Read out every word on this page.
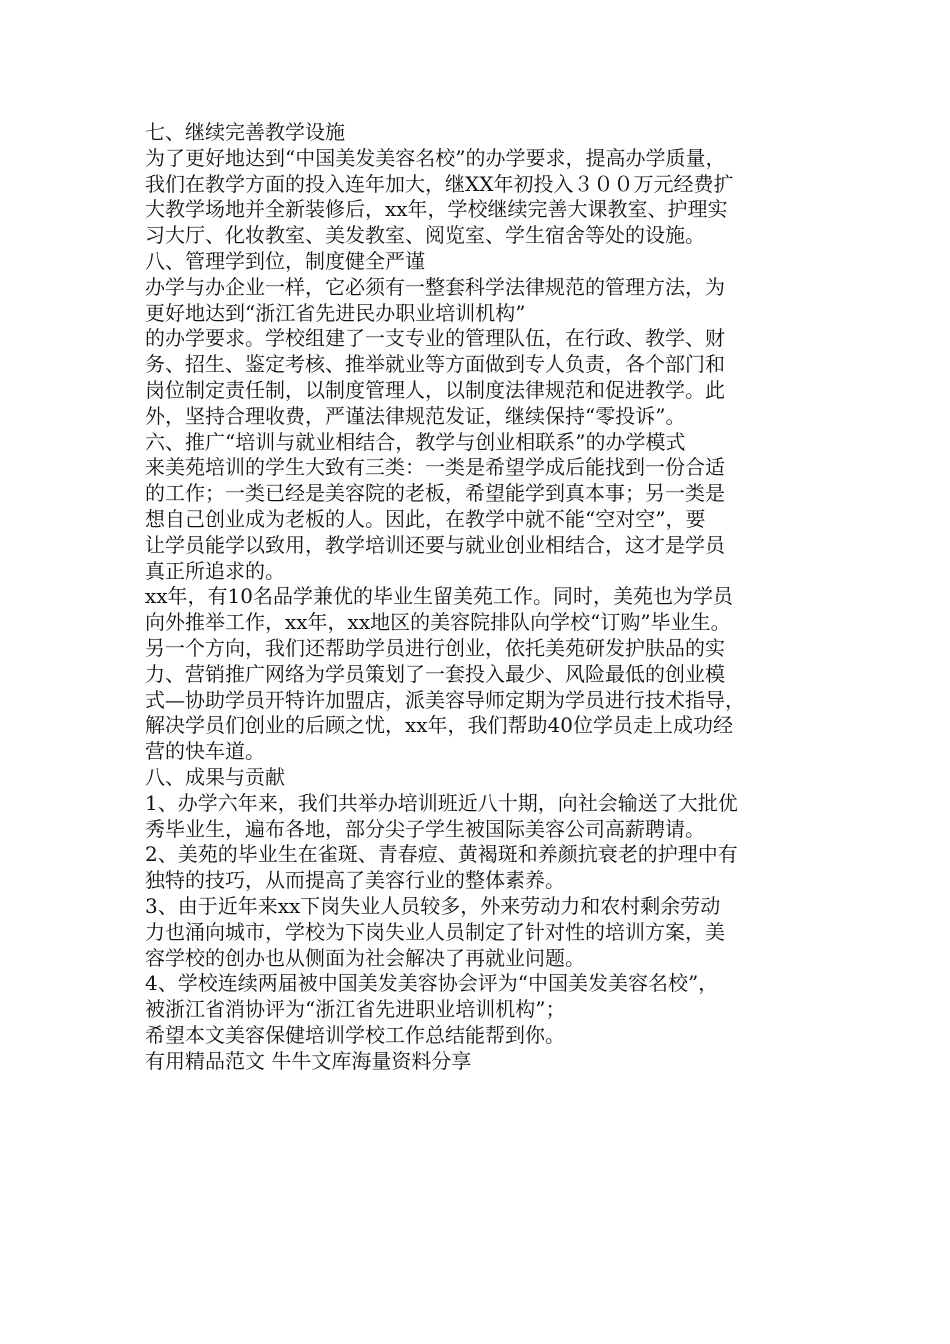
七、继续完善教学设施
为了更好地达到“中国美发美容名校”的办学要求，提高办学质量，
我们在教学方面的投入连年加大，继XX年初投入３００万元经费扩
大教学场地并全新装修后，xx年，学校继续完善大课教室、护理实
习大厅、化妆教室、美发教室、阅览室、学生宿舍等处的设施。
八、管理学到位，制度健全严谨
办学与办企业一样，它必须有一整套科学法律规范的管理方法，为
更好地达到“浙江省先进民办职业培训机构”
的办学要求。学校组建了一支专业的管理队伍，在行政、教学、财
务、招生、鉴定考核、推举就业等方面做到专人负责，各个部门和
岗位制定责任制，以制度管理人，以制度法律规范和促进教学。此
外，坚持合理收费，严谨法律规范发证，继续保持“零投诉”。
六、推广“培训与就业相结合，教学与创业相联系”的办学模式
来美苑培训的学生大致有三类：一类是希望学成后能找到一份合适
的工作；一类已经是美容院的老板，希望能学到真本事；另一类是
想自己创业成为老板的人。因此，在教学中就不能“空对空”，要
让学员能学以致用，教学培训还要与就业创业相结合，这才是学员
真正所追求的。
xx年，有10名品学兼优的毕业生留美苑工作。同时，美苑也为学员
向外推举工作，xx年，xx地区的美容院排队向学校“订购”毕业生。
另一个方向，我们还帮助学员进行创业，依托美苑研发护肤品的实
力、营销推广网络为学员策划了一套投入最少、风险最低的创业模
式—协助学员开特许加盟店，派美容导师定期为学员进行技术指导，
解决学员们创业的后顾之忧，xx年，我们帮助40位学员走上成功经
营的快车道。
八、成果与贡献
1、办学六年来，我们共举办培训班近八十期，向社会输送了大批优
秀毕业生，遍布各地，部分尖子学生被国际美容公司高薪聘请。
2、美苑的毕业生在雀斑、青春痘、黄褐斑和养颜抗衰老的护理中有
独特的技巧，从而提高了美容行业的整体素养。
3、由于近年来xx下岗失业人员较多，外来劳动力和农村剩余劳动
力也涌向城市，学校为下岗失业人员制定了针对性的培训方案，美
容学校的创办也从侧面为社会解决了再就业问题。
4、学校连续两届被中国美发美容协会评为“中国美发美容名校”，
被浙江省消协评为“浙江省先进职业培训机构”；
希望本文美容保健培训学校工作总结能帮到你。
有用精品范文 牛牛文库海量资料分享
